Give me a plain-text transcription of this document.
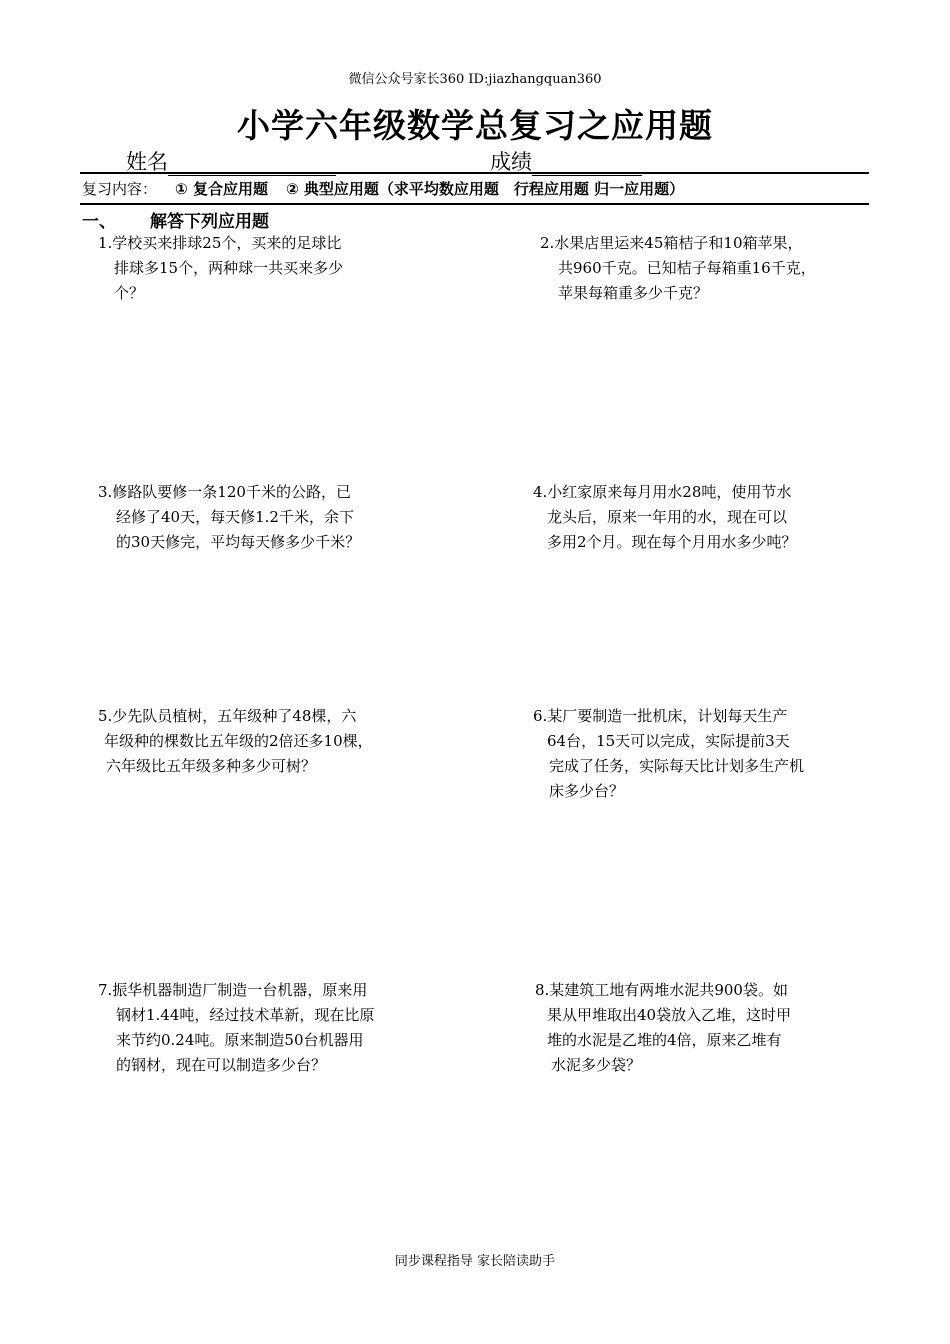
微信公众号家长360 ID:jiazhangquan360
小学六年级数学总复习之应用题
姓名	成绩
复习内容： ① 复合应用题 ② 典型应用题（求平均数应用题　行程应用题 归一应用题）
一、 解答下列应用题
1.学校买来排球25个，买来的足球比
排球多15个，两种球一共买来多少
个？
2.水果店里运来45箱桔子和10箱苹果，
共960千克。已知桔子每箱重16千克，
苹果每箱重多少千克？
3.修路队要修一条120千米的公路，已
经修了40天，每天修1.2千米，余下
的30天修完，平均每天修多少千米？
4.小红家原来每月用水28吨，使用节水
龙头后，原来一年用的水，现在可以
多用2个月。现在每个月用水多少吨？
5.少先队员植树，五年级种了48棵，六
年级种的棵数比五年级的2倍还多10棵，
六年级比五年级多种多少可树？
6.某厂要制造一批机床，计划每天生产
64台，15天可以完成，实际提前3天
完成了任务，实际每天比计划多生产机
床多少台？
7.振华机器制造厂制造一台机器，原来用
钢材1.44吨，经过技术革新，现在比原
来节约0.24吨。原来制造50台机器用
的钢材，现在可以制造多少台？
8.某建筑工地有两堆水泥共900袋。如
果从甲堆取出40袋放入乙堆，这时甲
堆的水泥是乙堆的4倍，原来乙堆有
水泥多少袋？
同步课程指导 家长陪读助手
